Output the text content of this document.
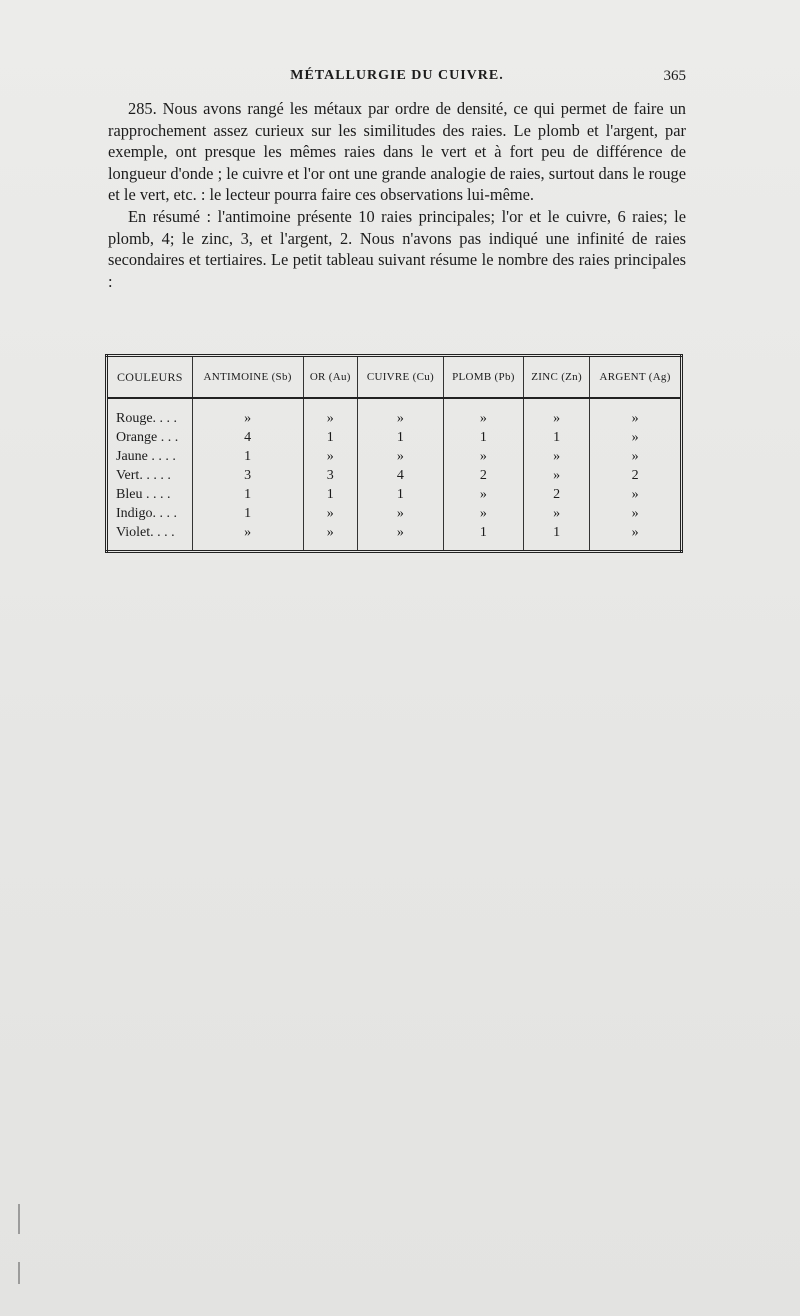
MÉTALLURGIE DU CUIVRE.	365

285. Nous avons rangé les métaux par ordre de densité, ce qui permet de faire un rapprochement assez curieux sur les similitudes des raies. Le plomb et l'argent, par exemple, ont presque les mêmes raies dans le vert et à fort peu de différence de longueur d'onde ; le cuivre et l'or ont une grande analogie de raies, surtout dans le rouge et le vert, etc. : le lecteur pourra faire ces observations lui-même.

En résumé : l'antimoine présente 10 raies principales; l'or et le cuivre, 6 raies; le plomb, 4; le zinc, 3, et l'argent, 2. Nous n'avons pas indiqué une infinité de raies secondaires et tertiaires. Le petit tableau suivant résume le nombre des raies principales :

COULEURS	ANTIMOINE (Sb)	OR (Au)	CUIVRE (Cu)	PLOMB (Pb)	ZINC (Zn)	ARGENT (Ag)
Rouge. . . .	»	»	»	»	»	»
Orange . . .	4	1	1	1	1	»
Jaune . . . .	1	»	»	»	»	»
Vert. . . . .	3	3	4	2	»	2
Bleu . . . .	1	1	1	»	2	»
Indigo. . . .	1	»	»	»	»	»
Violet. . . .	»	»	»	1	1	»
